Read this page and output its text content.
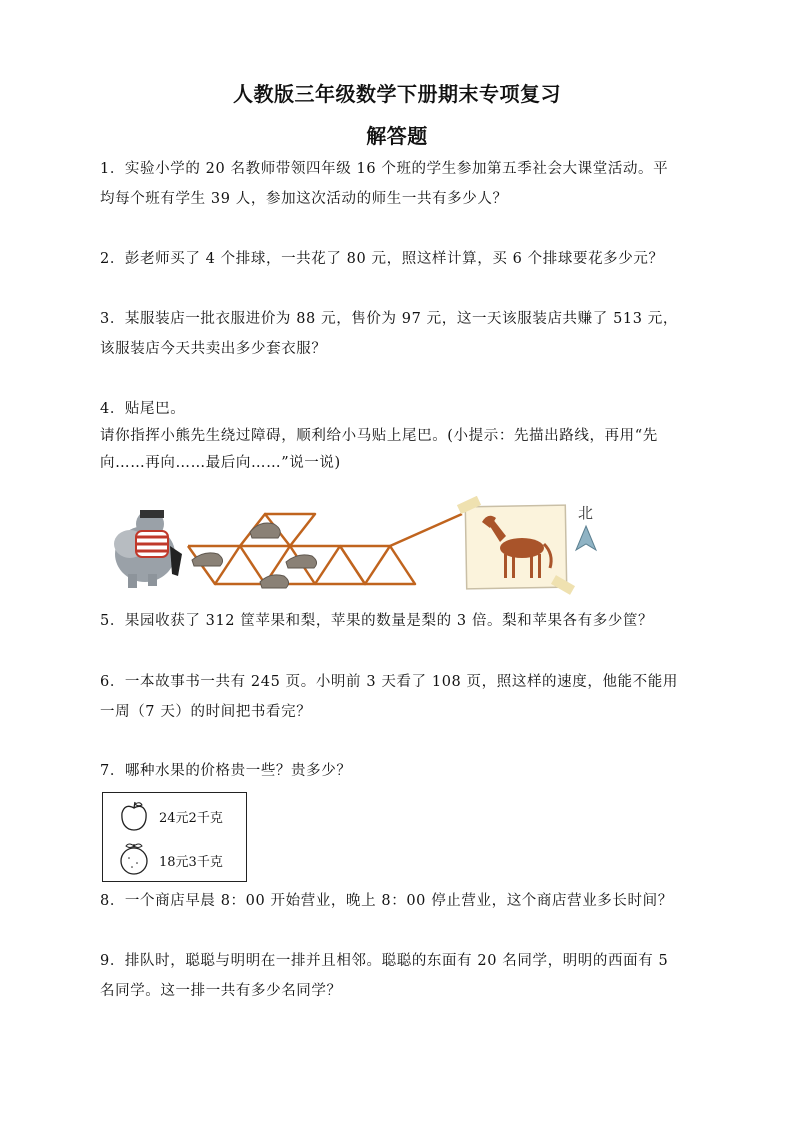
人教版三年级数学下册期末专项复习
解答题

1．实验小学的 20 名教师带领四年级 16 个班的学生参加第五季社会大课堂活动。平

均每个班有学生 39 人，参加这次活动的师生一共有多少人？

2．彭老师买了 4 个排球，一共花了 80 元，照这样计算，买 6 个排球要花多少元？

3．某服装店一批衣服进价为 88 元，售价为 97 元，这一天该服装店共赚了 513 元，

该服装店今天共卖出多少套衣服？

4．贴尾巴。

请你指挥小熊先生绕过障碍，顺利给小马贴上尾巴。(小提示：先描出路线，再用“先

向……再向……最后向……”说一说)

北

5．果园收获了 312 筐苹果和梨，苹果的数量是梨的 3 倍。梨和苹果各有多少筐？

6．一本故事书一共有 245 页。小明前 3 天看了 108 页，照这样的速度，他能不能用

一周（7 天）的时间把书看完？

7．哪种水果的价格贵一些？贵多少？

24元2千克
18元3千克

8．一个商店早晨 8：00 开始营业，晚上 8：00 停止营业，这个商店营业多长时间？

9．排队时，聪聪与明明在一排并且相邻。聪聪的东面有 20 名同学，明明的西面有 5

名同学。这一排一共有多少名同学？
